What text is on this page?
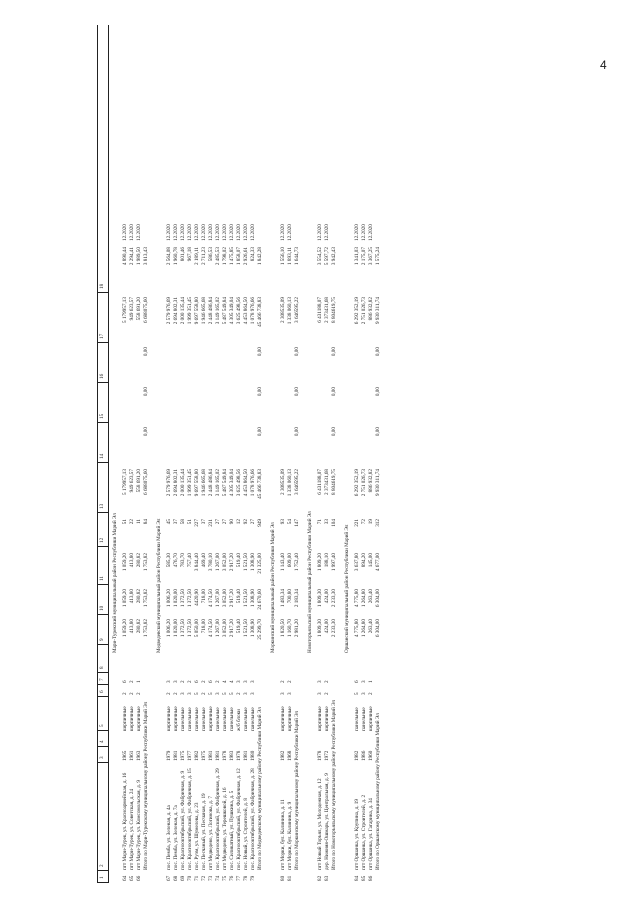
4
1
2
3
4
5
6
7
8
9
10
11
12
13
14
15
16
17
18
Мари-Турекский муниципальный район Республики Марий Эл
64
пгт Мари-Турек, ул. Красноармейская, д. 16
1965
кирпичные
2
6
1 059,20
1 059,20
1 059,20
51
5 179957,13
5 179957,13
4 890,44
12.2020
65
пгт Мари-Турек, ул. Советская, д. 24
1961
кирпичные
2
2
413,80
413,80
413,80
22
949 623,57
949 623,57
2 294,41
12.2020
66
пгт Мари-Турек, ул. Комсомольская, д. 9
1963
кирпичные
2
1
280,82
280,82
280,82
11
558 691,20
558 691,20
1 989,50
12.2020
Итого по Мари-Турекскому муниципальному району Республики Марий Эл
1 753,82
1 753,82
1 753,82
84
6 688075,60
0,00
0,00
0,00
6 688075,60
3 813,43
Медведевский муниципальный район Республики Марий Эл
67
пос. Пемба, ул. Зеленая, д. 4а
1979
кирпичные
2
3
1 006,20
1 006,20
585,30
45
2 579 976,69
2 579 976,69
2 564,08
12.2020
68
пос. Пемба, ул. Зеленая, д. 7а
1981
кирпичные
2
3
1 020,00
1 020,00
476,70
37
2 694 802,31
2 694 802,31
1 960,78
12.2020
69
пос. Краснооктябрьский, ул. Фабричная, д. 9
1975
панельные
3
2
1 372,50
1 372,50
783,70
58
2 000 135,44
2 000 135,44
801,46
12.2020
70
пос. Краснооктябрьский, ул. Фабричная, д. 15
1977
панельные
3
2
1 372,50
1 372,50
757,40
51
1 999 351,45
1 999 351,45
967,18
12.2020
71
пос. Руэм, ул. Шумелева, д. 23
1982
панельные
5
6
5 050,00
4420,90
3 844,40
227
9 697 558,80
9 697 558,80
2 189,11
12.2020
72
пос. Песчаный, ул. Песчаная, д. 19
1975
панельные
2
2
718,00
718,00
469,40
37
1 946 665,68
1 946 665,68
2 711,23
12.2020
73
пгт Медведево, ул. Логинова, д. 7
1981
кирпичные
5
6
4 174,50
4 174,50
3 780,10
231
2 448 486,84
2 448 486,84
586,53
12.2020
74
пос. Краснооктябрьский, ул. Фабричная, д. 29
1981
панельные
3
2
1 267,00
1 267,00
1 267,00
27
3 149 165,02
3 149 165,02
2 485,53
12.2020
75
пгт Медведево, ул. Терешковой, д. 16
1978
панельные
5
4
3 052,00
3 052,00
3 052,00
27
5 487 549,84
5 487 549,84
1 798,02
12.2020
76
пос. Силикатный, ул. Пушкина, д. 5
1983
панельные
5
4
2 917,20
2 917,20
2 917,20
90
4 305 349,04
4 305 349,04
1 475,85
12.2020
77
пос. Краснооктябрьский, ул. Фабричная, д. 12
1978
ж/б блоки
2
3
519,40
519,40
519,40
12
3 625 498,56
3 625 498,56
1 858,07
12.2020
78
пос. Новый, ул. Строителей, д. 8
1981
панельные
3
3
1 521,50
1 521,50
1 521,50
92
4 453 864,50
4 453 864,50
2 926,61
12.2020
79
пос. Краснооктябрьский, ул. Фабричная, д. 28
1980
панельные
3
3
1 308,90
1 308,90
1 308,90
27
1 078 976,66
1 078 976,66
824,33
12.2020
Итого по Медведевскому муниципальному району Республики Марий Эл
25 299,70
24 670,60
21 325,00
949
45 466 738,83
0,00
0,00
0,00
45 466 738,83
1 842,28
Моркинский муниципальный район Республики Марий Эл
80
пгт Морки, бул. Калинина, д. 11
1982
кирпичные
3
2
1 820,50
1 483,34
1 143,40
93
2 308535,09
2 308535,09
1 556,10
12.2020
81
пгт Морки, бул. Калинина, д. 9
1968
кирпичные
3
2
1 160,70
700,80
609,00
54
1 338 060,13
1 338 060,13
1 893,11
12.2020
Итого по Моркинскому муниципальному району Республики Марий Эл
2 981,20
2 183,34
1 752,40
147
3 646595,22
0,00
0,00
0,00
3 646595,22
1 644,73
Новоторъяльский муниципальный район Республики Марий Эл
82
пгт Новый Торъял, ул. Молодежная, д. 12
1978
кирпичные
3
3
1 809,30
1 809,30
1 809,20
71
6 431188,07
6 431188,07
3 554,52
12.2020
83
дер. Нижняя-Ошмарь, ул. Центральная, д. 9
1972
кирпичные
2
2
424,00
424,00
188,10
33
2 373431,68
2 373431,68
5 597,72
12.2020
Итого по Новоторъяльскому муниципальному району Республики Марий Эл
2 233,30
2 233,30
1 997,40
104
8 804619,75
0,00
0,00
0,00
8 804619,75
3 942,43
Оршанский муниципальный район Республики Марий Эл
84
пгт Оршанка, ул. Крупина, д. 19
1982
панельные
5
6
4 775,80
4 775,80
3 637,80
221
6 292 352,19
6 292 352,19
1 341,03
12.2020
85
пгт Оршанка, ул. Строителей, д. 2
1986
панельные
3
3
1 264,80
1 264,80
894,20
72
2 751 026,73
2 751 026,73
2 175,07
12.2020
86
пгт Оршанка, ул. Гагарина, д. 34
1960
кирпичные
2
1
263,40
263,40
145,00
19
886 932,82
886 932,82
3 367,25
12.2020
Итого по Оршанскому муниципальному району Республики Марий Эл
6 304,00
6 304,00
4 677,00
312
9 930 311,74
0,00
0,00
0,00
9 930 311,74
1 575,24
